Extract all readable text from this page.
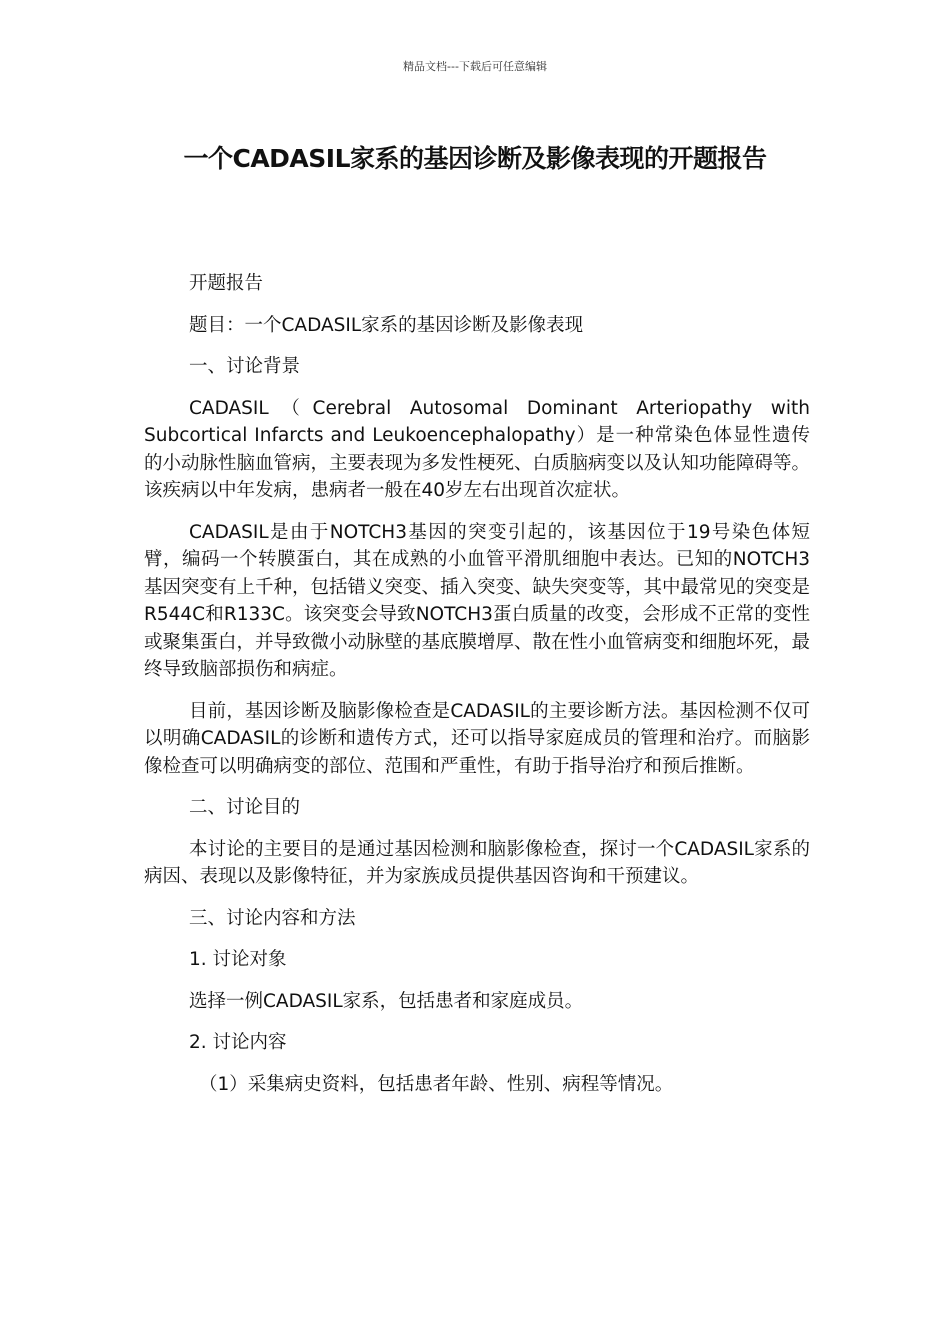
精品文档---下载后可任意编辑
一个CADASIL家系的基因诊断及影像表现的开题报告

开题报告

题目：一个CADASIL家系的基因诊断及影像表现

一、讨论背景

CADASIL（Cerebral Autosomal Dominant Arteriopathy with Subcortical Infarcts and Leukoencephalopathy）是一种常染色体显性遗传的小动脉性脑血管病，主要表现为多发性梗死、白质脑病变以及认知功能障碍等。该疾病以中年发病，患病者一般在40岁左右出现首次症状。

CADASIL是由于NOTCH3基因的突变引起的，该基因位于19号染色体短臂，编码一个转膜蛋白，其在成熟的小血管平滑肌细胞中表达。已知的NOTCH3基因突变有上千种，包括错义突变、插入突变、缺失突变等，其中最常见的突变是R544C和R133C。该突变会导致NOTCH3蛋白质量的改变，会形成不正常的变性或聚集蛋白，并导致微小动脉壁的基底膜增厚、散在性小血管病变和细胞坏死，最终导致脑部损伤和病症。

目前，基因诊断及脑影像检查是CADASIL的主要诊断方法。基因检测不仅可以明确CADASIL的诊断和遗传方式，还可以指导家庭成员的管理和治疗。而脑影像检查可以明确病变的部位、范围和严重性，有助于指导治疗和预后推断。

二、讨论目的

本讨论的主要目的是通过基因检测和脑影像检查，探讨一个CADASIL家系的病因、表现以及影像特征，并为家族成员提供基因咨询和干预建议。

三、讨论内容和方法

1. 讨论对象

选择一例CADASIL家系，包括患者和家庭成员。

2. 讨论内容

（1）采集病史资料，包括患者年龄、性别、病程等情况。
